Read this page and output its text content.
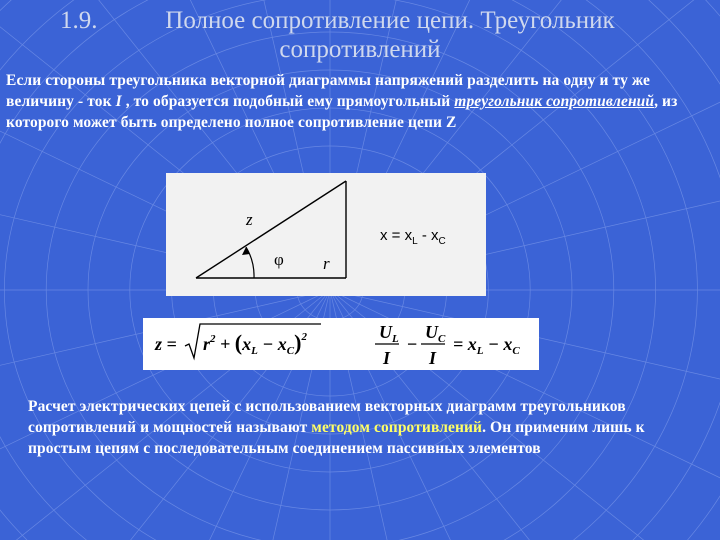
1.9.	Полное сопротивление цепи. Треугольник
сопротивлений
Если стороны треугольника векторной диаграммы напряжений разделить на одну и ту же величину - ток I , то образуется подобный ему прямоугольный треугольник сопротивлений, из которого может быть определено полное сопротивление цепи Z
z
φ r
$x = x_L - x_C$
$z = r^2 + (x_L - x_C)^2$	$U_L$
I
−
$U_C$
I
= $x_L - x_C$
Расчет электрических цепей с использованием векторных диаграмм треугольников сопротивлений и мощностей называют методом сопротивлений. Он применим лишь к простым цепям с последовательным соединением пассивных элементов
